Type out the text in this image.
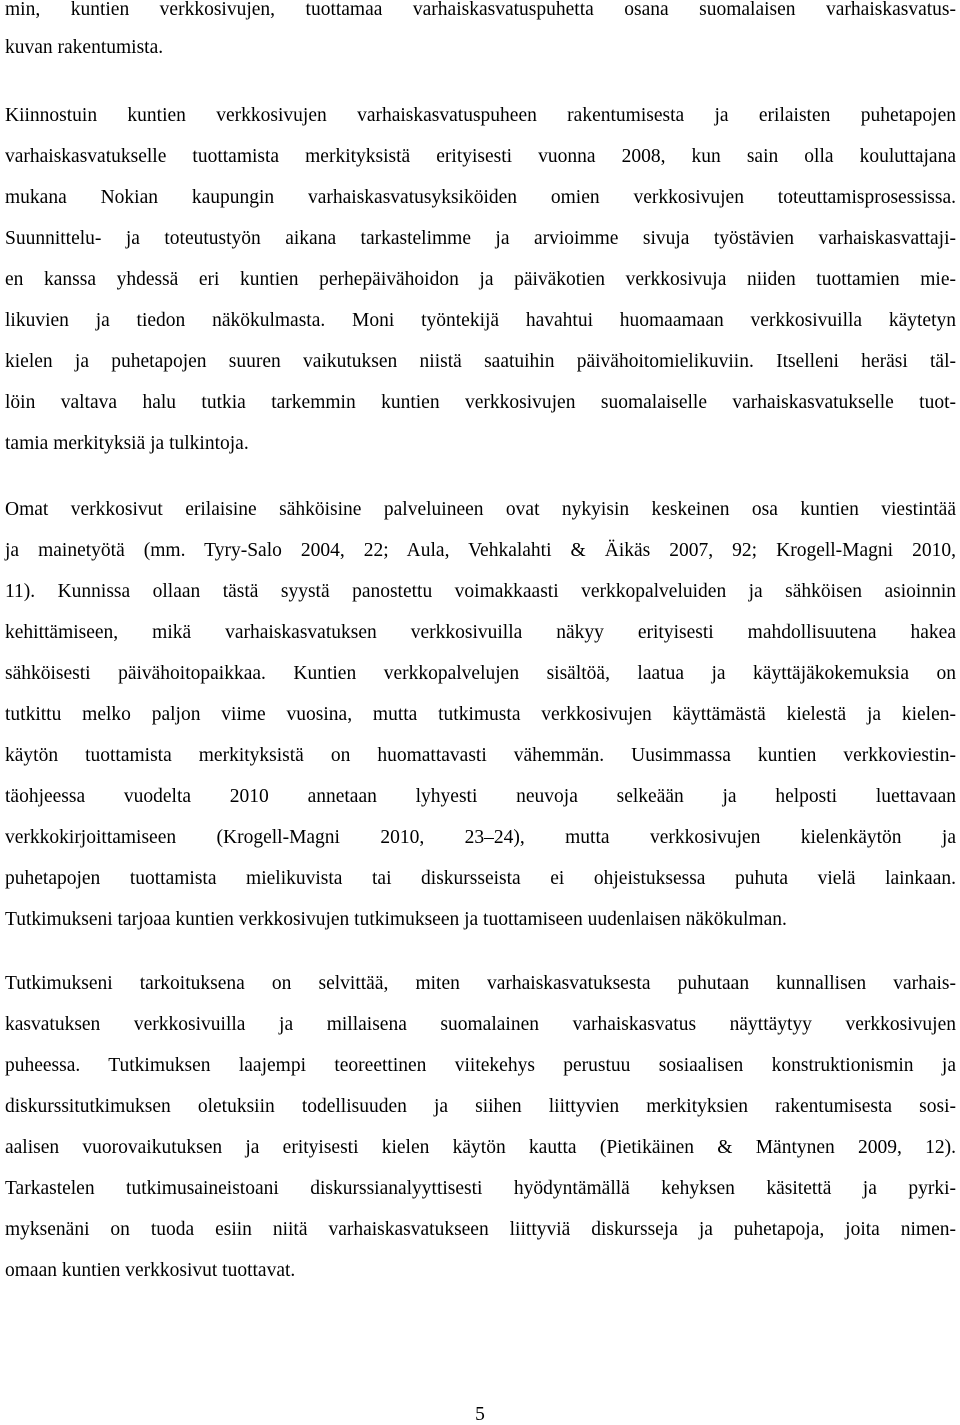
min, kuntien verkkosivujen, tuottamaa varhaiskasvatuspuhetta osana suomalaisen varhaiskasvatus-
kuvan rakentumista.
Kiinnostuin kuntien verkkosivujen varhaiskasvatuspuheen rakentumisesta ja erilaisten puhetapojen
varhaiskasvatukselle tuottamista merkityksistä erityisesti vuonna 2008, kun sain olla kouluttajana
mukana Nokian kaupungin varhaiskasvatusyksiköiden omien verkkosivujen toteuttamisprosessissa.
Suunnittelu- ja toteutustyön aikana tarkastelimme ja arvioimme sivuja työstävien varhaiskasvattaji-
en kanssa yhdessä eri kuntien perhepäivähoidon ja päiväkotien verkkosivuja niiden tuottamien mie-
likuvien ja tiedon näkökulmasta. Moni työntekijä havahtui huomaamaan verkkosivuilla käytetyn
kielen ja puhetapojen suuren vaikutuksen niistä saatuihin päivähoitomielikuviin. Itselleni heräsi täl-
löin valtava halu tutkia tarkemmin kuntien verkkosivujen suomalaiselle varhaiskasvatukselle tuot-
tamia merkityksiä ja tulkintoja.
Omat verkkosivut erilaisine sähköisine palveluineen ovat nykyisin keskeinen osa kuntien viestintää
ja mainetyötä (mm. Tyry-Salo 2004, 22; Aula, Vehkalahti & Äikäs 2007, 92; Krogell-Magni 2010,
11). Kunnissa ollaan tästä syystä panostettu voimakkaasti verkkopalveluiden ja sähköisen asioinnin
kehittämiseen, mikä varhaiskasvatuksen verkkosivuilla näkyy erityisesti mahdollisuutena hakea
sähköisesti päivähoitopaikkaa. Kuntien verkkopalvelujen sisältöä, laatua ja käyttäjäkokemuksia on
tutkittu melko paljon viime vuosina, mutta tutkimusta verkkosivujen käyttämästä kielestä ja kielen-
käytön tuottamista merkityksistä on huomattavasti vähemmän. Uusimmassa kuntien verkkoviestin-
täohjeessa vuodelta 2010 annetaan lyhyesti neuvoja selkeään ja helposti luettavaan
verkkokirjoittamiseen (Krogell-Magni 2010, 23–24), mutta verkkosivujen kielenkäytön ja
puhetapojen tuottamista mielikuvista tai diskursseista ei ohjeistuksessa puhuta vielä lainkaan.
Tutkimukseni tarjoaa kuntien verkkosivujen tutkimukseen ja tuottamiseen uudenlaisen näkökulman.
Tutkimukseni tarkoituksena on selvittää, miten varhaiskasvatuksesta puhutaan kunnallisen varhais-
kasvatuksen verkkosivuilla ja millaisena suomalainen varhaiskasvatus näyttäytyy verkkosivujen
puheessa. Tutkimuksen laajempi teoreettinen viitekehys perustuu sosiaalisen konstruktionismin ja
diskurssitutkimuksen oletuksiin todellisuuden ja siihen liittyvien merkityksien rakentumisesta sosi-
aalisen vuorovaikutuksen ja erityisesti kielen käytön kautta (Pietikäinen & Mäntynen 2009, 12).
Tarkastelen tutkimusaineistoani diskurssianalyyttisesti hyödyntämällä kehyksen käsitettä ja pyrki-
myksenäni on tuoda esiin niitä varhaiskasvatukseen liittyviä diskursseja ja puhetapoja, joita nimen-
omaan kuntien verkkosivut tuottavat.
5
